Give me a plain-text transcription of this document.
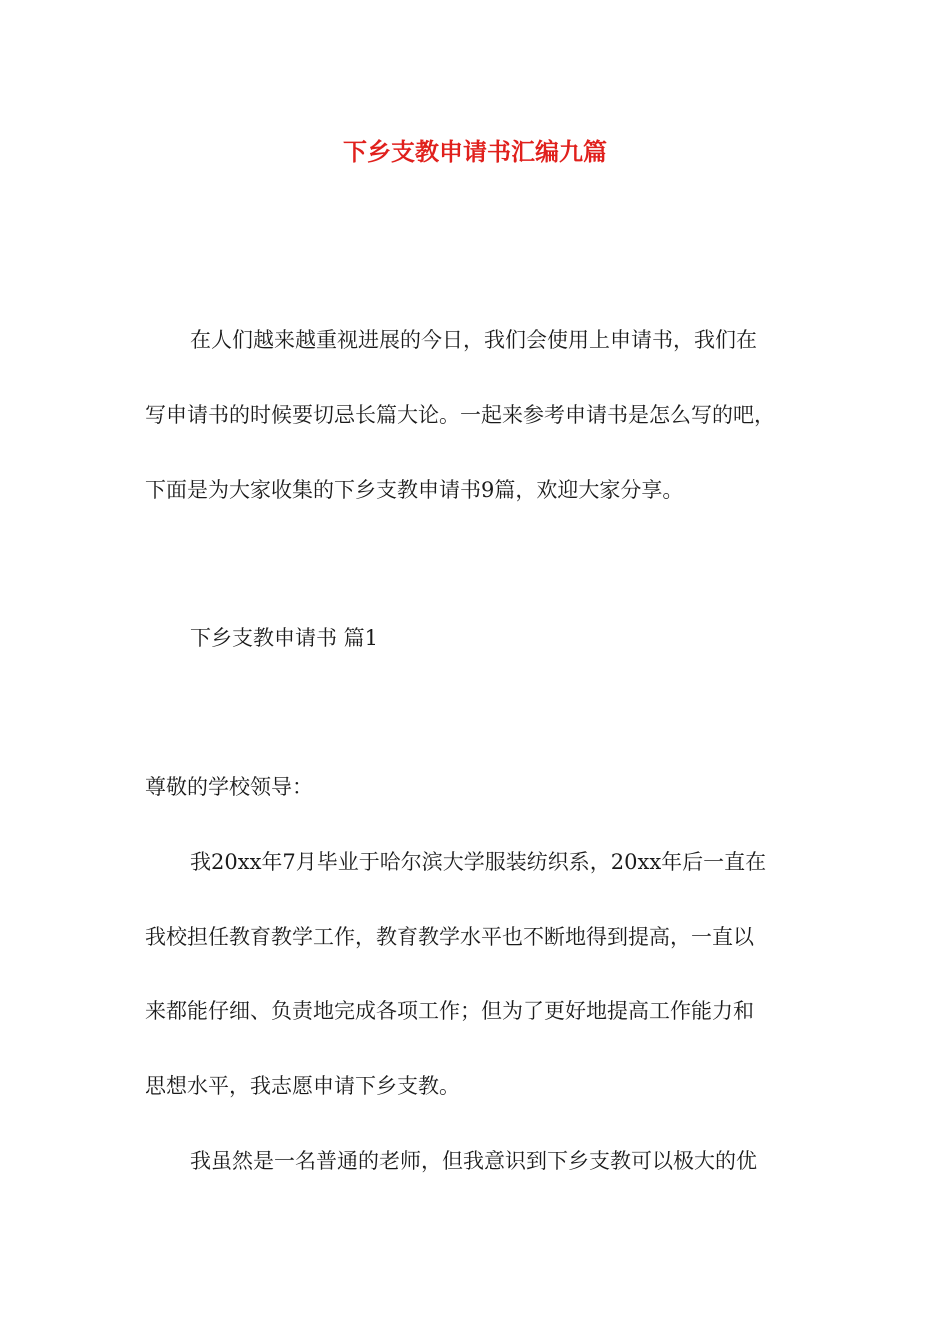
下乡支教申请书汇编九篇

在人们越来越重视进展的今日，我们会使用上申请书，我们在

写申请书的时候要切忌长篇大论。一起来参考申请书是怎么写的吧，

下面是为大家收集的下乡支教申请书9篇，欢迎大家分享。

下乡支教申请书 篇1

尊敬的学校领导：

我20xx年7月毕业于哈尔滨大学服装纺织系，20xx年后一直在

我校担任教育教学工作，教育教学水平也不断地得到提高，一直以

来都能仔细、负责地完成各项工作；但为了更好地提高工作能力和

思想水平，我志愿申请下乡支教。

我虽然是一名普通的老师，但我意识到下乡支教可以极大的优
